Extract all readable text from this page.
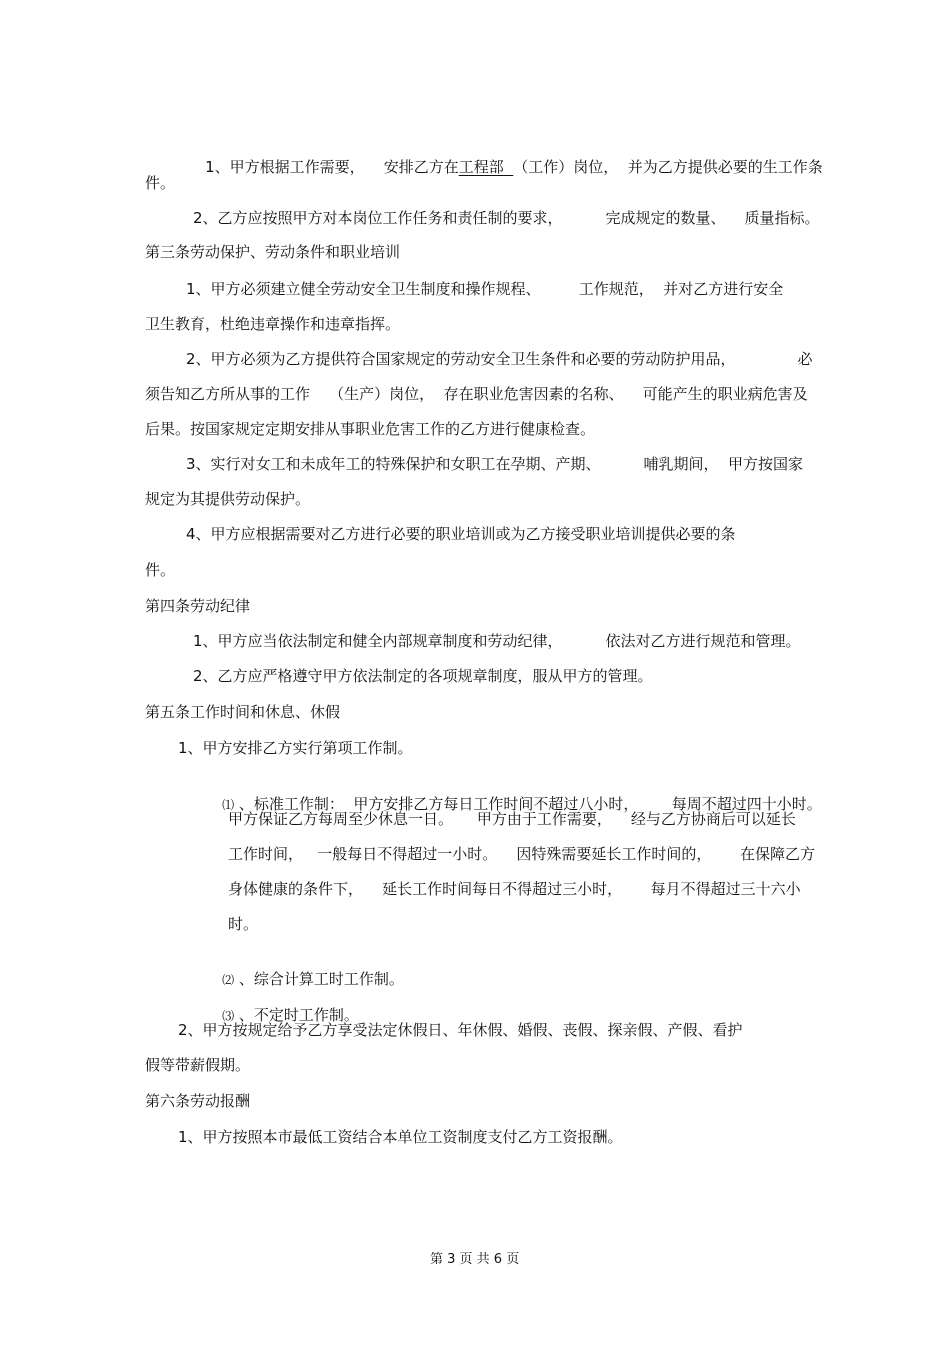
1、甲方根据工作需要，    安排乙方在工程部  （工作）岗位，  并为乙方提供必要的生工作条

件。
2、乙方应按照甲方对本岗位工作任务和责任制的要求，         完成规定的数量、    质量指标。
第三条劳动保护、劳动条件和职业培训
1、甲方必须建立健全劳动安全卫生制度和操作规程、        工作规范，  并对乙方进行安全
卫生教育，杜绝违章操作和违章指挥。
2、甲方必须为乙方提供符合国家规定的劳动安全卫生条件和必要的劳动防护用品，             必
须告知乙方所从事的工作    （生产）岗位，  存在职业危害因素的名称、    可能产生的职业病危害及
后果。按国家规定定期安排从事职业危害工作的乙方进行健康检查。
3、实行对女工和未成年工的特殊保护和女职工在孕期、产期、         哺乳期间，  甲方按国家
规定为其提供劳动保护。
4、甲方应根据需要对乙方进行必要的职业培训或为乙方接受职业培训提供必要的条
件。
第四条劳动纪律
1、甲方应当依法制定和健全内部规章制度和劳动纪律，         依法对乙方进行规范和管理。
2、乙方应严格遵守甲方依法制定的各项规章制度，服从甲方的管理。
第五条工作时间和休息、休假
1、甲方安排乙方实行第项工作制。

⑴ 、标准工作制：  甲方安排乙方每日工作时间不超过八小时，       每周不超过四十小时。

甲方保证乙方每周至少休息一日。     甲方由于工作需要，    经与乙方协商后可以延长
工作时间，   一般每日不得超过一小时。    因特殊需要延长工作时间的，      在保障乙方
身体健康的条件下，    延长工作时间每日不得超过三小时，      每月不得超过三十六小
时。

⑵ 、综合计算工时工作制。

⑶ 、不定时工作制。

2、甲方按规定给予乙方享受法定休假日、年休假、婚假、丧假、探亲假、产假、看护
假等带薪假期。
第六条劳动报酬
1、甲方按照本市最低工资结合本单位工资制度支付乙方工资报酬。
第 3 页 共 6 页
